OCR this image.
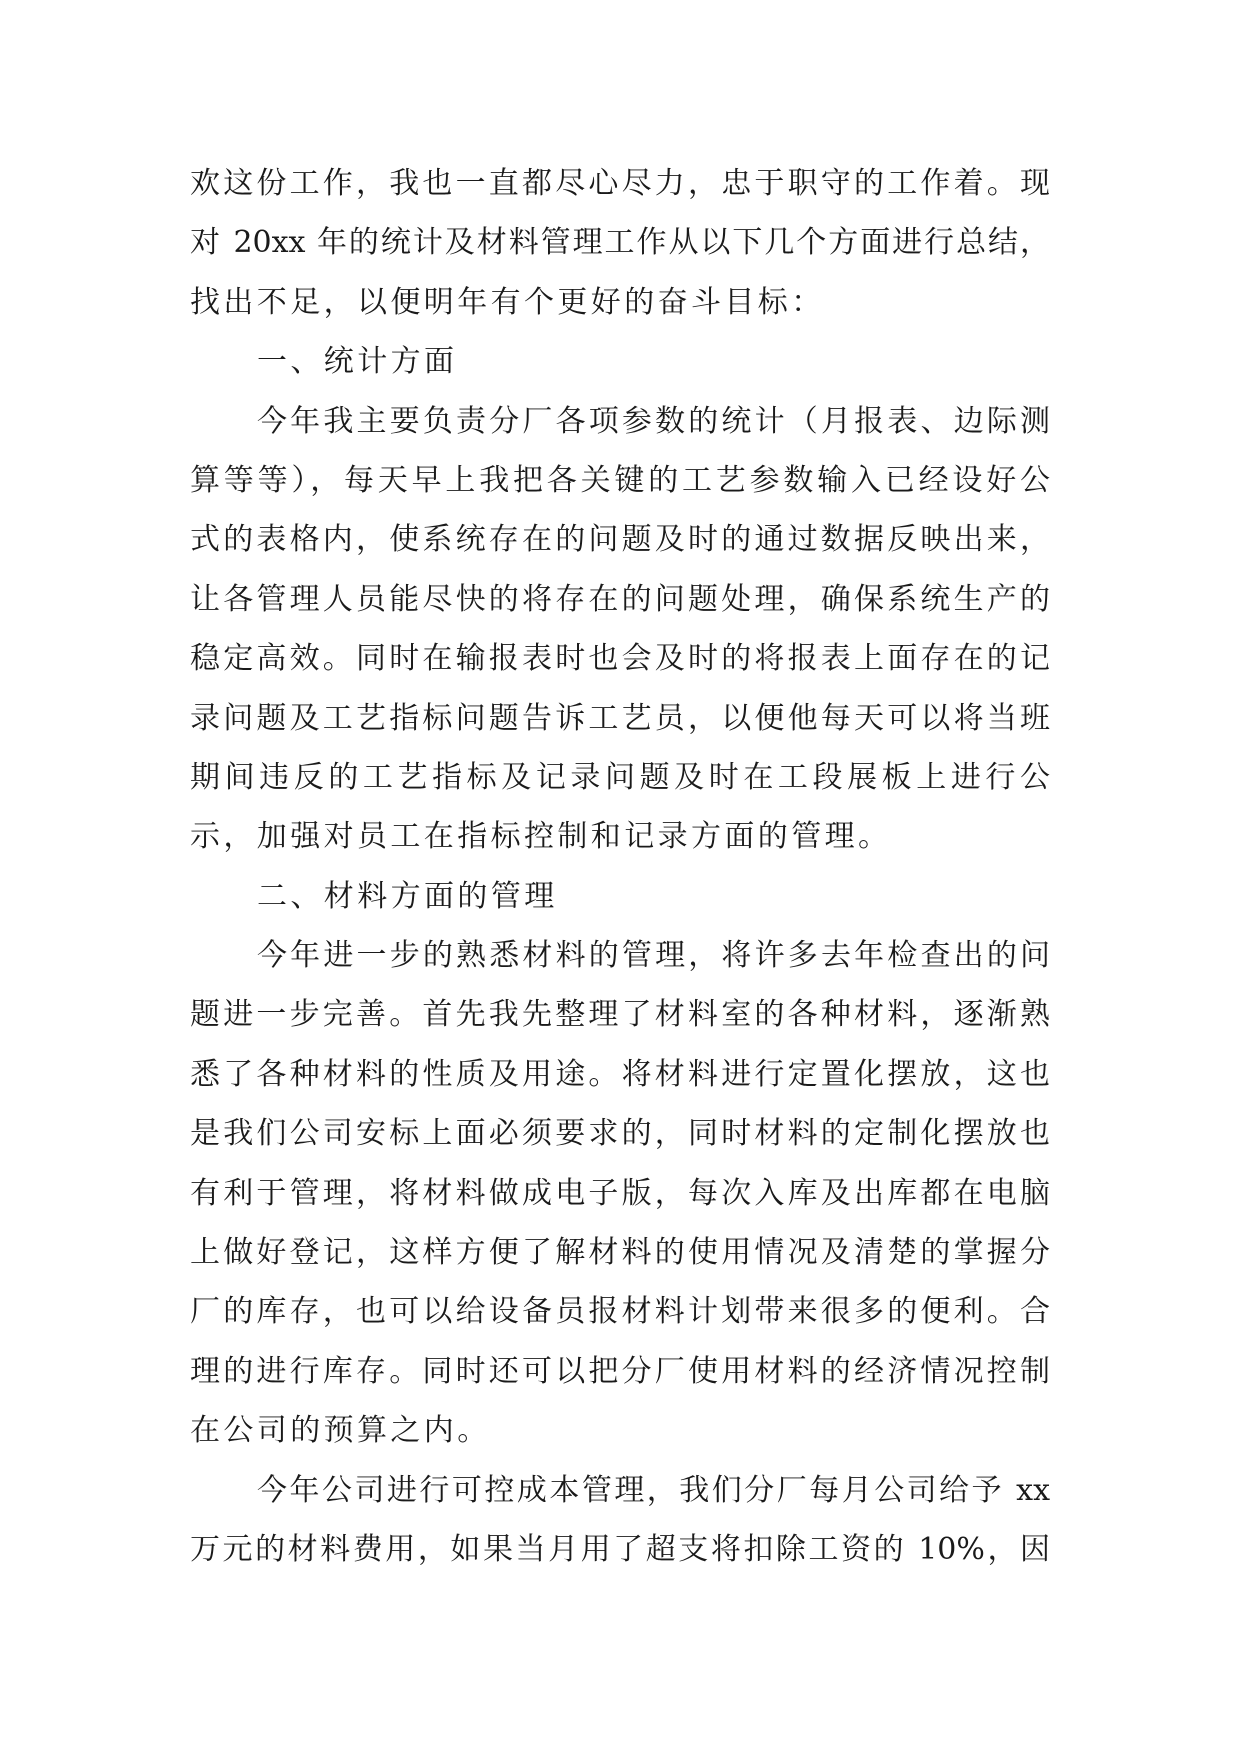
欢这份工作，我也一直都尽心尽力，忠于职守的工作着。现
对 20xx 年的统计及材料管理工作从以下几个方面进行总结，
找出不足，以便明年有个更好的奋斗目标：
一、统计方面
今年我主要负责分厂各项参数的统计（月报表、边际测
算等等），每天早上我把各关键的工艺参数输入已经设好公
式的表格内，使系统存在的问题及时的通过数据反映出来，
让各管理人员能尽快的将存在的问题处理，确保系统生产的
稳定高效。同时在输报表时也会及时的将报表上面存在的记
录问题及工艺指标问题告诉工艺员，以便他每天可以将当班
期间违反的工艺指标及记录问题及时在工段展板上进行公
示，加强对员工在指标控制和记录方面的管理。
二、材料方面的管理
今年进一步的熟悉材料的管理，将许多去年检查出的问
题进一步完善。首先我先整理了材料室的各种材料，逐渐熟
悉了各种材料的性质及用途。将材料进行定置化摆放，这也
是我们公司安标上面必须要求的，同时材料的定制化摆放也
有利于管理，将材料做成电子版，每次入库及出库都在电脑
上做好登记，这样方便了解材料的使用情况及清楚的掌握分
厂的库存，也可以给设备员报材料计划带来很多的便利。合
理的进行库存。同时还可以把分厂使用材料的经济情况控制
在公司的预算之内。
今年公司进行可控成本管理，我们分厂每月公司给予 xx
万元的材料费用，如果当月用了超支将扣除工资的 10%，因
